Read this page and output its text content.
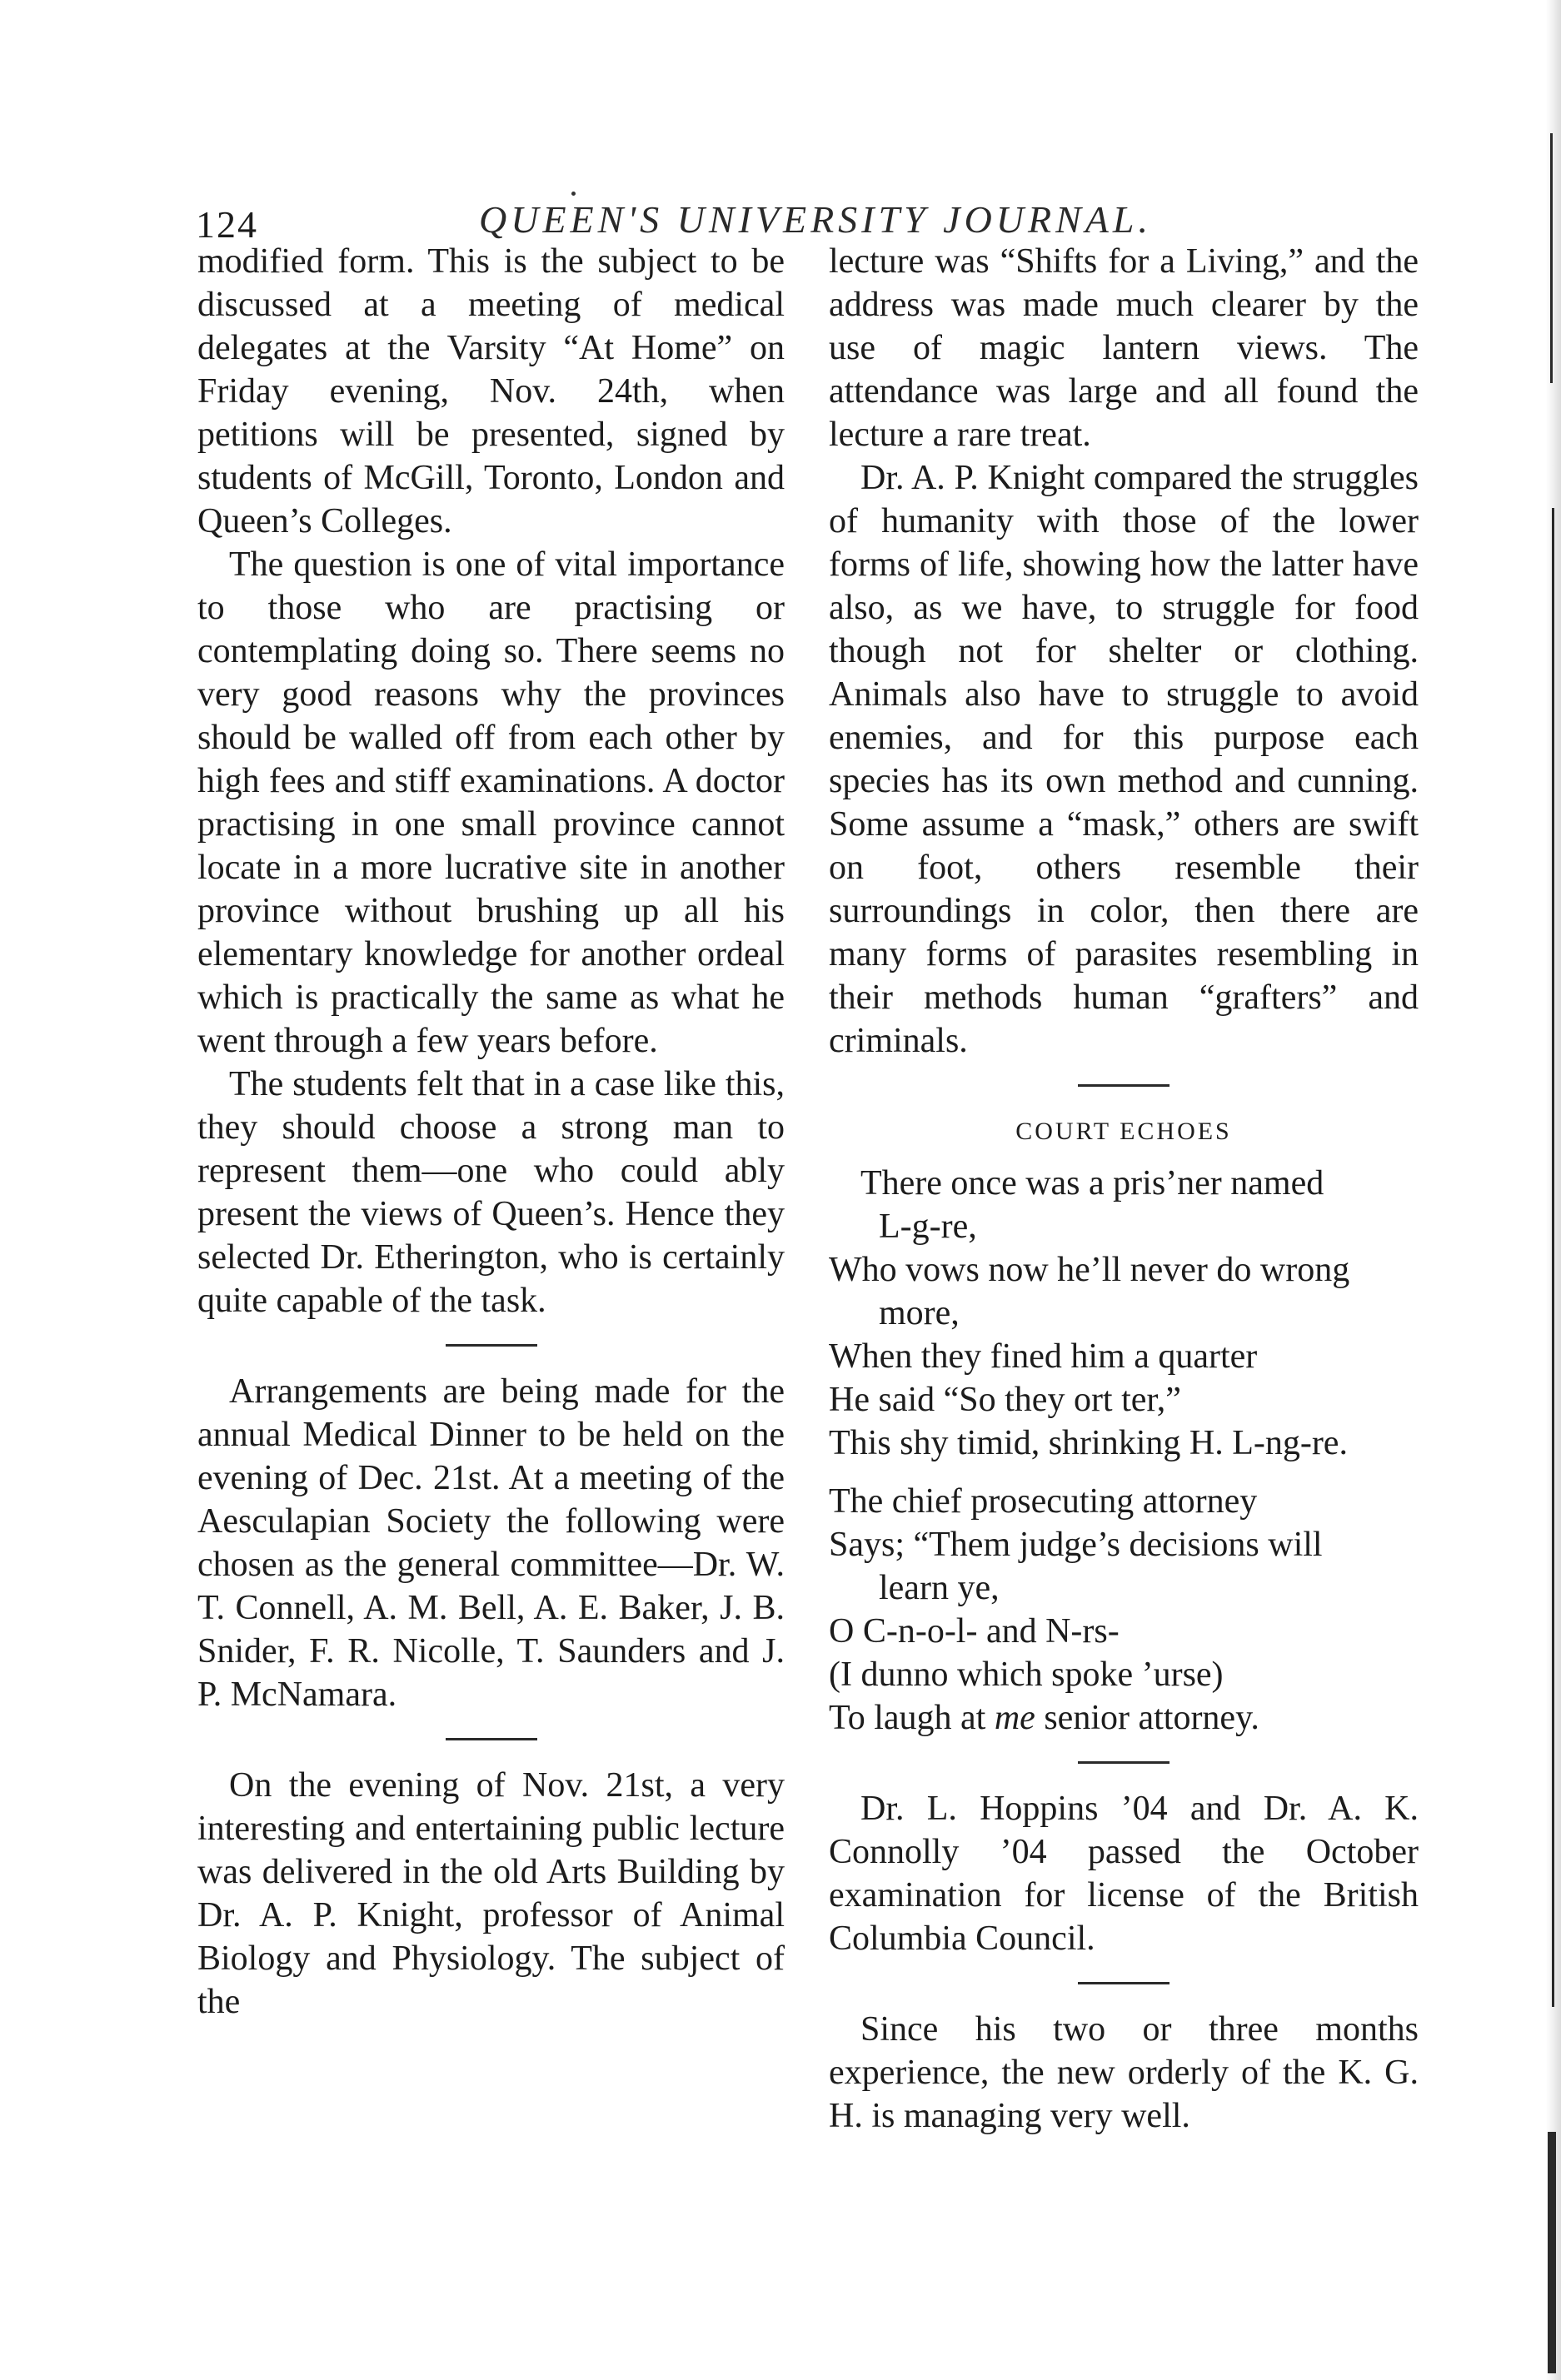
124	QUEEN'S UNIVERSITY JOURNAL.

modified form. This is the subject to be discussed at a meeting of medical delegates at the Varsity “At Home” on Friday evening, Nov. 24th, when petitions will be presented, signed by students of McGill, Toronto, London and Queen’s Colleges.

The question is one of vital importance to those who are practising or contemplating doing so. There seems no very good reasons why the provinces should be walled off from each other by high fees and stiff examinations. A doctor practising in one small province cannot locate in a more lucrative site in another province without brushing up all his elementary knowledge for another ordeal which is practically the same as what he went through a few years before.

The students felt that in a case like this, they should choose a strong man to represent them—one who could ably present the views of Queen’s. Hence they selected Dr. Etherington, who is certainly quite capable of the task.

Arrangements are being made for the annual Medical Dinner to be held on the evening of Dec. 21st. At a meeting of the Aesculapian Society the following were chosen as the general committee—Dr. W. T. Connell, A. M. Bell, A. E. Baker, J. B. Snider, F. R. Nicolle, T. Saunders and J. P. McNamara.

On the evening of Nov. 21st, a very interesting and entertaining public lecture was delivered in the old Arts Building by Dr. A. P. Knight, professor of Animal Biology and Physiology. The subject of the

lecture was “Shifts for a Living,” and the address was made much clearer by the use of magic lantern views. The attendance was large and all found the lecture a rare treat.

Dr. A. P. Knight compared the struggles of humanity with those of the lower forms of life, showing how the latter have also, as we have, to struggle for food though not for shelter or clothing. Animals also have to struggle to avoid enemies, and for this purpose each species has its own method and cunning. Some assume a “mask,” others are swift on foot, others resemble their surroundings in color, then there are many forms of parasites resembling in their methods human “grafters” and criminals.

COURT ECHOES
There once was a pris’ner named
L-g-re,
Who vows now he’ll never do wrong
more,
When they fined him a quarter
He said “So they ort ter,”
This shy timid, shrinking H. L-ng-re.
The chief prosecuting attorney
Says; “Them judge’s decisions will
learn ye,
O C-n-o-l- and N-rs-
(I dunno which spoke ’urse)
To laugh at me senior attorney.

Dr. L. Hoppins ’04 and Dr. A. K. Connolly ’04 passed the October examination for license of the British Columbia Council.

Since his two or three months experience, the new orderly of the K. G. H. is managing very well.
